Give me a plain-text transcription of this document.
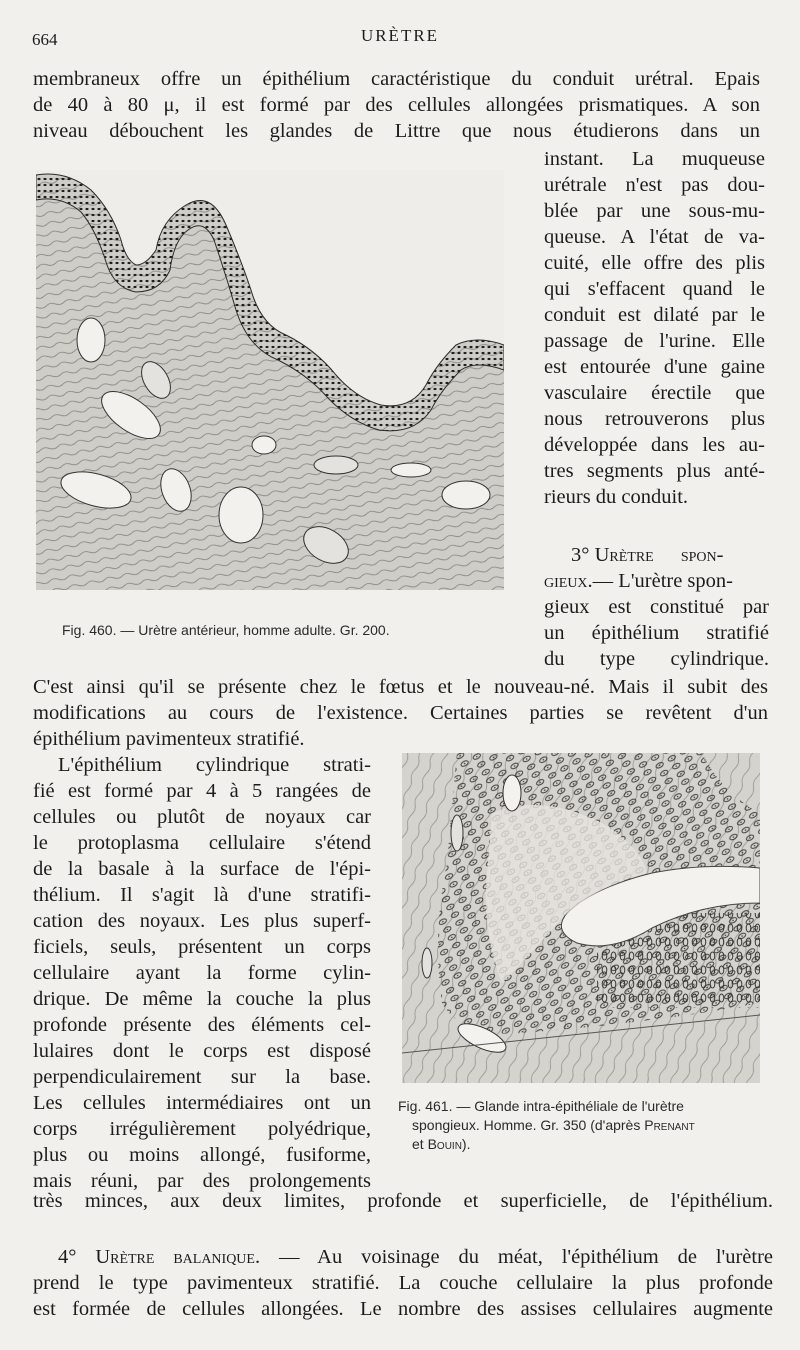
664	URÈTRE
membraneux offre un épithélium caractéristique du conduit urétral. Epais
de 40 à 80 μ, il est formé par des cellules allongées prismatiques. A son
niveau débouchent les glandes de Littre que nous étudierons dans un
instant. La muqueuse
urétrale n'est pas dou-
blée par une sous-mu-
queuse. A l'état de va-
cuité, elle offre des plis
qui s'effacent quand le
conduit est dilaté par le
passage de l'urine. Elle
est entourée d'une gaine
vasculaire érectile que
nous retrouverons plus
développée dans les au-
tres segments plus anté-
rieurs du conduit.
3° Urètre spon-
gieux.— L'urètre spon-
gieux est constitué par
un épithélium stratifié
du type cylindrique.
Fig. 460. — Urètre antérieur, homme adulte. Gr. 200.
C'est ainsi qu'il se présente chez le fœtus et le nouveau-né. Mais il subit des
modifications au cours de l'existence. Certaines parties se revêtent d'un
épithélium pavimenteux stratifié.
L'épithélium cylindrique strati-
fié est formé par 4 à 5 rangées de
cellules ou plutôt de noyaux car
le protoplasma cellulaire s'étend
de la basale à la surface de l'épi-
thélium. Il s'agit là d'une stratifi-
cation des noyaux. Les plus superf-
ficiels, seuls, présentent un corps
cellulaire ayant la forme cylin-
drique. De même la couche la plus
profonde présente des éléments cel-
lulaires dont le corps est disposé
perpendiculairement sur la base.
Les cellules intermédiaires ont un
corps irrégulièrement polyédrique,
plus ou moins allongé, fusiforme,
mais réuni, par des prolongements
Fig. 461. — Glande intra-épithéliale de l'urètre
spongieux. Homme. Gr. 350 (d'après Prenant
et Bouin).
très minces, aux deux limites, profonde et superficielle, de l'épithélium.
4° Urètre balanique. — Au voisinage du méat, l'épithélium de l'urètre
prend le type pavimenteux stratifié. La couche cellulaire la plus profonde
est formée de cellules allongées. Le nombre des assises cellulaires augmente
